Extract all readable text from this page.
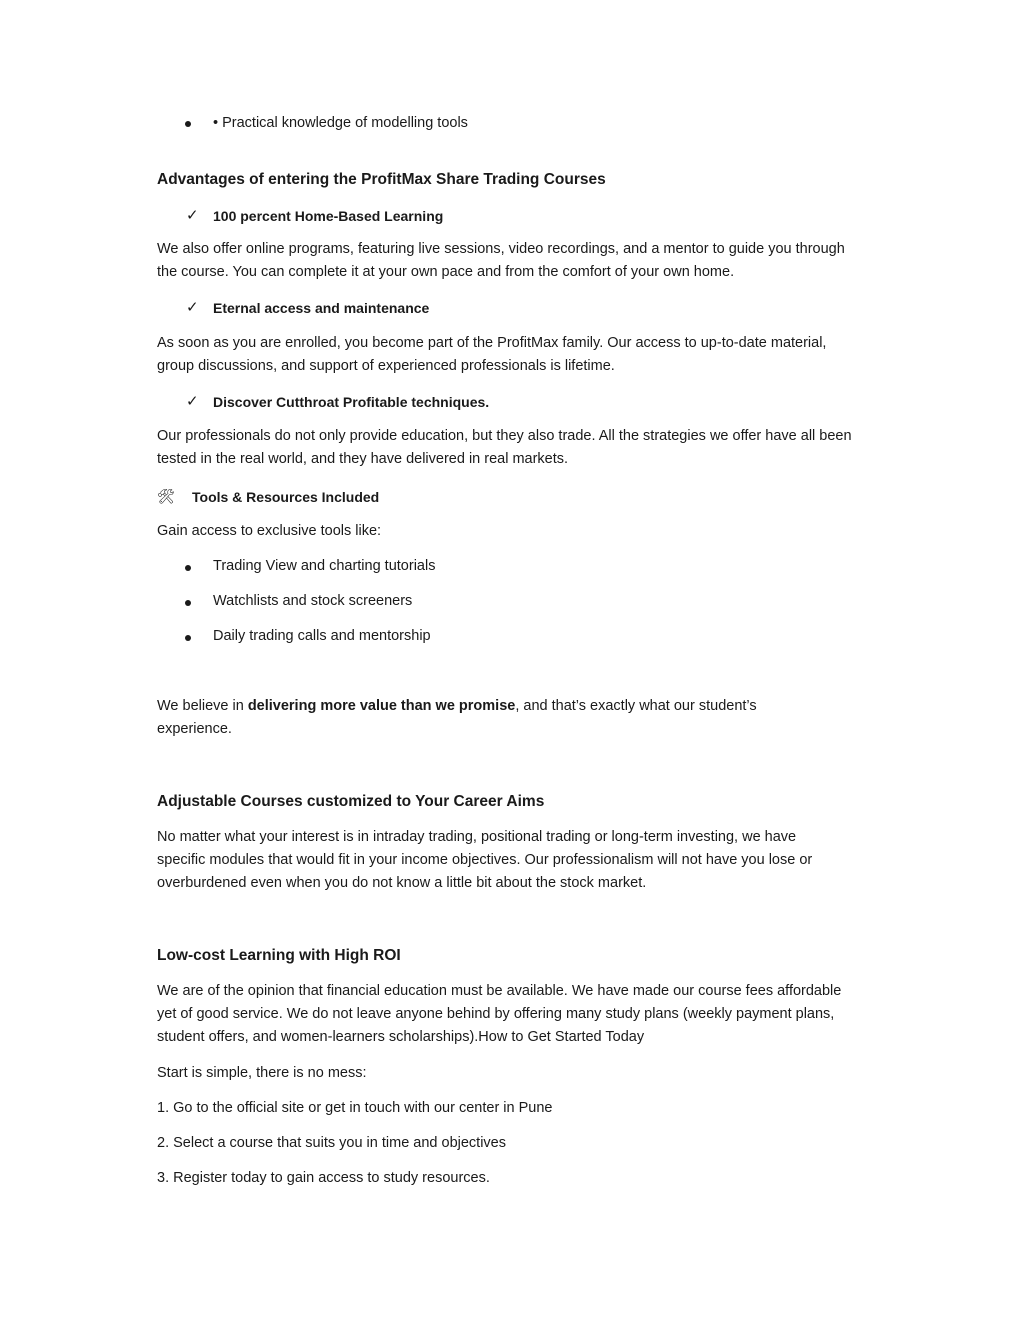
• Practical knowledge of modelling tools
Advantages of entering the ProfitMax Share Trading Courses
✓ 100 percent Home-Based Learning
We also offer online programs, featuring live sessions, video recordings, and a mentor to guide you through the course. You can complete it at your own pace and from the comfort of your own home.
✓ Eternal access and maintenance
As soon as you are enrolled, you become part of the ProfitMax family. Our access to up-to-date material, group discussions, and support of experienced professionals is lifetime.
✓ Discover Cutthroat Profitable techniques.
Our professionals do not only provide education, but they also trade. All the strategies we offer have all been tested in the real world, and they have delivered in real markets.
🛠 Tools & Resources Included
Gain access to exclusive tools like:
Trading View and charting tutorials
Watchlists and stock screeners
Daily trading calls and mentorship
We believe in delivering more value than we promise, and that’s exactly what our student’s experience.
Adjustable Courses customized to Your Career Aims
No matter what your interest is in intraday trading, positional trading or long-term investing, we have specific modules that would fit in your income objectives. Our professionalism will not have you lose or overburdened even when you do not know a little bit about the stock market.
Low-cost Learning with High ROI
We are of the opinion that financial education must be available. We have made our course fees affordable yet of good service. We do not leave anyone behind by offering many study plans (weekly payment plans, student offers, and women-learners scholarships).How to Get Started Today
Start is simple, there is no mess:
1. Go to the official site or get in touch with our center in Pune
2. Select a course that suits you in time and objectives
3. Register today to gain access to study resources.
